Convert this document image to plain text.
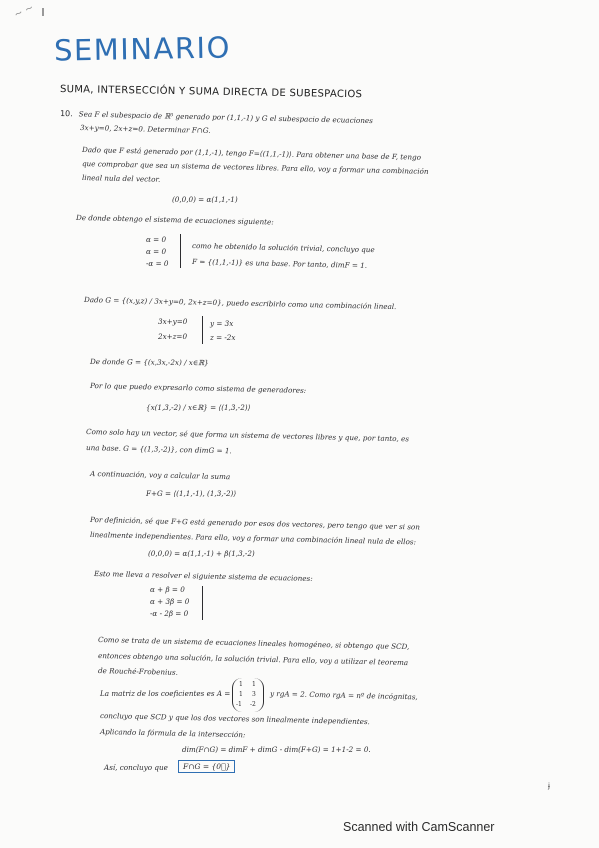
~ ~
SEMINARIO
SUMA, INTERSECCIÓN Y SUMA DIRECTA DE SUBESPACIOS
10. Sea F el subespacio de ℝ³ generado por (1,1,-1) y G el subespacio de ecuaciones
3x+y=0, 2x+z=0. Determinar F∩G.
Dado que F está generado por (1,1,-1), tengo F=⟨(1,1,-1)⟩. Para obtener una base de F, tengo
que comprobar que sea un sistema de vectores libres. Para ello, voy a formar una combinación
lineal nula del vector.
(0,0,0) = α(1,1,-1)
De donde obtengo el sistema de ecuaciones siguiente:
α = 0
α = 0
-α = 0
como he obtenido la solución trivial, concluyo que
F = {(1,1,-1)} es una base. Por tanto, dimF = 1.
Dado G = {(x,y,z) / 3x+y=0, 2x+z=0}, puedo escribirlo como una combinación lineal.
3x+y=0
2x+z=0
y = 3x
z = -2x
De donde G = {(x,3x,-2x) / x∈ℝ}
Por lo que puedo expresarlo como sistema de generadores:
{x(1,3,-2) / x∈ℝ} = ⟨(1,3,-2)⟩
Como solo hay un vector, sé que forma un sistema de vectores libres y que, por tanto, es
una base. G = {(1,3,-2)}, con dimG = 1.
A continuación, voy a calcular la suma
F+G = ⟨(1,1,-1), (1,3,-2)⟩
Por definición, sé que F+G está generado por esos dos vectores, pero tengo que ver si son
linealmente independientes. Para ello, voy a formar una combinación lineal nula de ellos:
(0,0,0) = α(1,1,-1) + β(1,3,-2)
Esto me lleva a resolver el siguiente sistema de ecuaciones:
α + β = 0
α + 3β = 0
-α - 2β = 0
Como se trata de un sistema de ecuaciones lineales homogéneo, si obtengo que SCD,
entonces obtengo una solución, la solución trivial. Para ello, voy a utilizar el teorema
de Rouché-Frobenius.
La matriz de los coeficientes es A =
1 1
1 3
-1 -2
y rgA = 2. Como rgA = nº de incógnitas,
concluyo que SCD y que los dos vectores son linealmente independientes.
Aplicando la fórmula de la intersección:
dim(F∩G) = dimF + dimG - dim(F+G) = 1+1-2 = 0.
Así, concluyo que	F∩G = {0⃗}
ɉ
Scanned with CamScanner
